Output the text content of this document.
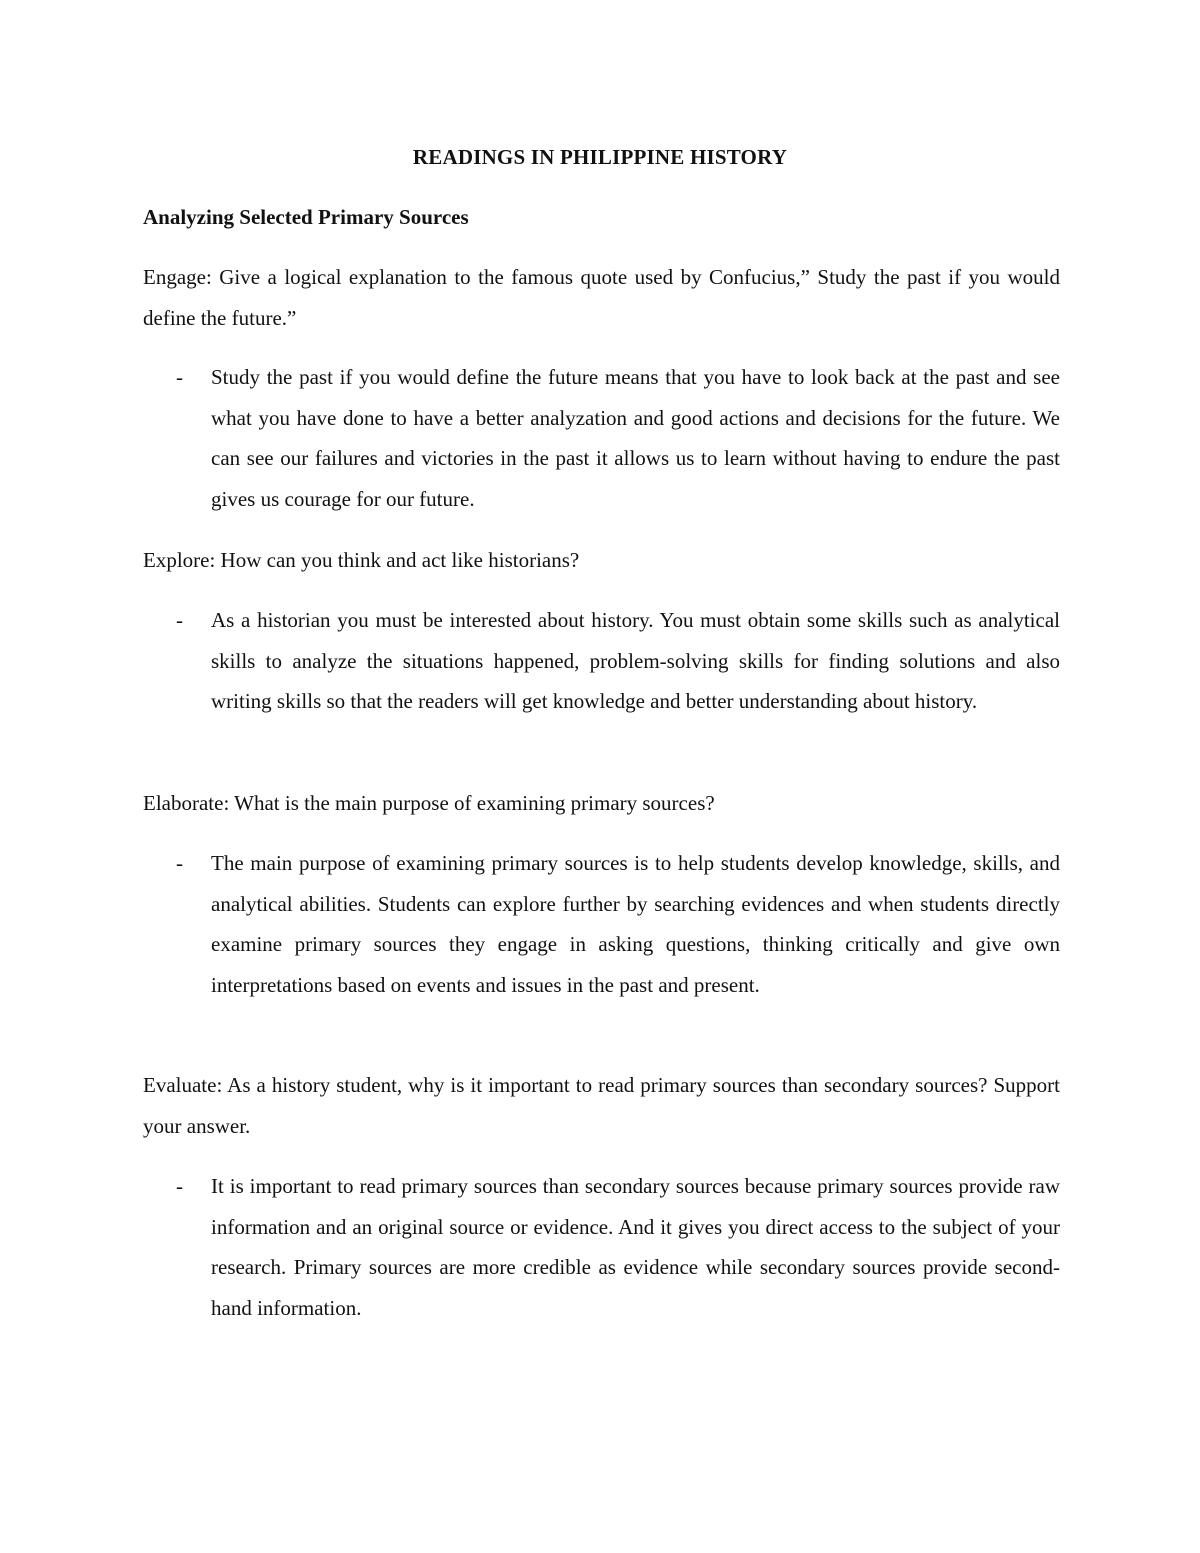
READINGS IN PHILIPPINE HISTORY
Analyzing Selected Primary Sources
Engage: Give a logical explanation to the famous quote used by Confucius,” Study the past if you would define the future.”
- Study the past if you would define the future means that you have to look back at the past and see what you have done to have a better analyzation and good actions and decisions for the future. We can see our failures and victories in the past it allows us to learn without having to endure the past gives us courage for our future.
Explore: How can you think and act like historians?
- As a historian you must be interested about history. You must obtain some skills such as analytical skills to analyze the situations happened, problem-solving skills for finding solutions and also writing skills so that the readers will get knowledge and better understanding about history.
Elaborate: What is the main purpose of examining primary sources?
- The main purpose of examining primary sources is to help students develop knowledge, skills, and analytical abilities. Students can explore further by searching evidences and when students directly examine primary sources they engage in asking questions, thinking critically and give own interpretations based on events and issues in the past and present.
Evaluate: As a history student, why is it important to read primary sources than secondary sources? Support your answer.
- It is important to read primary sources than secondary sources because primary sources provide raw information and an original source or evidence. And it gives you direct access to the subject of your research. Primary sources are more credible as evidence while secondary sources provide second-hand information.
